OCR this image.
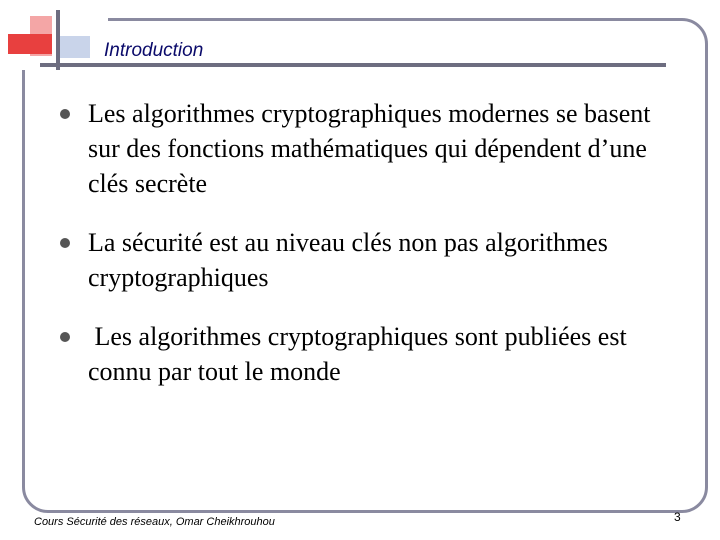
Introduction
Les algorithmes cryptographiques modernes se basent sur des fonctions mathématiques qui dépendent d’une clés secrète
La sécurité est au niveau clés non pas algorithmes cryptographiques
Les algorithmes cryptographiques sont publiées est connu par tout le monde
Cours Sécurité des réseaux, Omar Cheikhrouhou	3
